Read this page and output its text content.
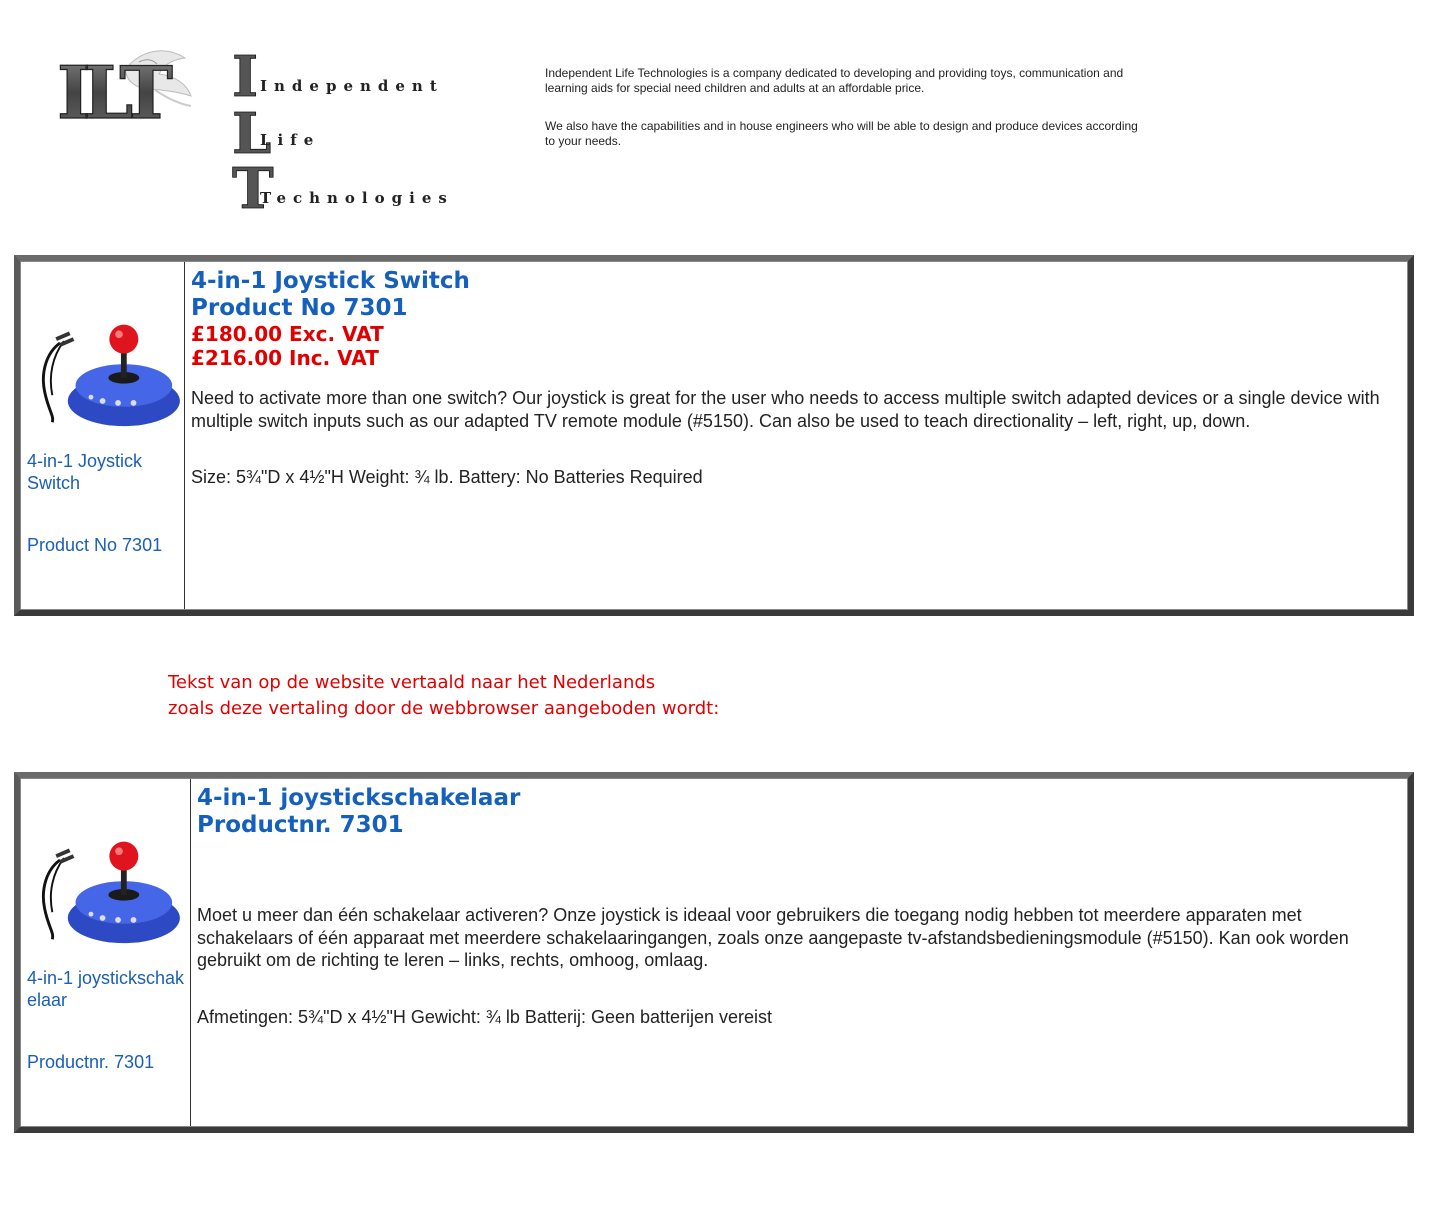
ILT I
L
T
Independent
Life
Technologies

Independent Life Technologies is a company dedicated to developing and providing toys, communication and learning aids for special need children and adults at an affordable price.

We also have the capabilities and in house engineers who will be able to design and produce devices according to your needs.

4-in-1 Joystick Switch
Product No 7301
4-in-1 Joystick Switch
Product No 7301

£180.00 Exc. VAT

£216.00 Inc. VAT

Need to activate more than one switch? Our joystick is great for the user who needs to access multiple switch adapted devices or a single device with multiple switch inputs such as our adapted TV remote module (#5150). Can also be used to teach directionality – left, right, up, down.

Size: 5¾"D x 4½"H Weight: ¾ lb. Battery: No Batteries Required

Tekst van op de website vertaald naar het Nederlands
zoals deze vertaling door de webbrowser aangeboden wordt:
4-in-1 joystickschakelaar
Productnr. 7301
4-in-1 joystickschakelaar
Productnr. 7301

Moet u meer dan één schakelaar activeren? Onze joystick is ideaal voor gebruikers die toegang nodig hebben tot meerdere apparaten met schakelaars of één apparaat met meerdere schakelaaringangen, zoals onze aangepaste tv-afstandsbedieningsmodule (#5150). Kan ook worden gebruikt om de richting te leren – links, rechts, omhoog, omlaag.

Afmetingen: 5¾"D x 4½"H Gewicht: ¾ lb Batterij: Geen batterijen vereist
